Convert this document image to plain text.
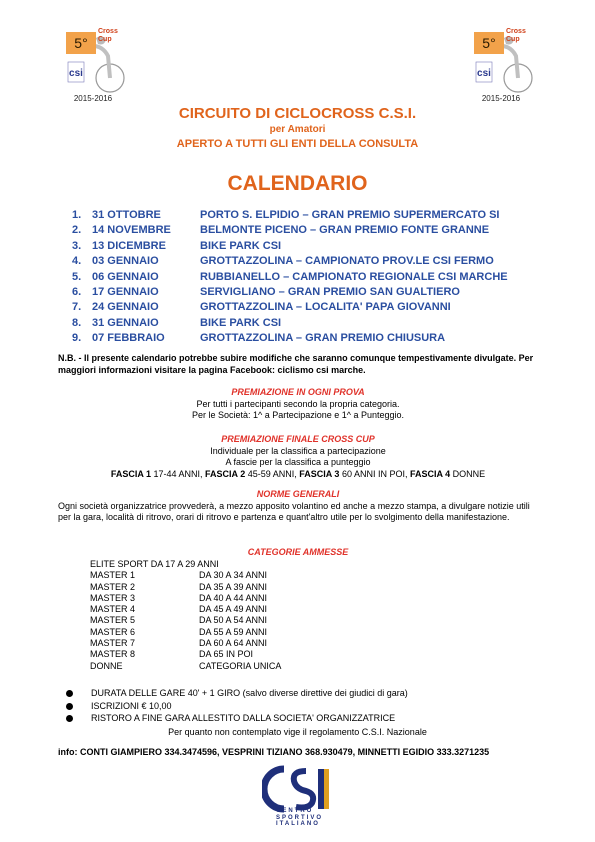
csi
5°
Cross
Cup
2015-2016
csi
5°
Cross
Cup
2015-2016
CIRCUITO DI CICLOCROSS C.S.I.
per Amatori
APERTO A TUTTI GLI ENTI DELLA CONSULTA
CALENDARIO
1. 31 OTTOBRE	PORTO S. ELPIDIO – GRAN PREMIO SUPERMERCATO SI
2. 14 NOVEMBRE	BELMONTE PICENO – GRAN PREMIO FONTE GRANNE
3. 13 DICEMBRE	BIKE PARK CSI
4. 03 GENNAIO	GROTTAZZOLINA – CAMPIONATO PROV.LE CSI FERMO
5. 06 GENNAIO	RUBBIANELLO – CAMPIONATO REGIONALE CSI MARCHE
6. 17 GENNAIO	SERVIGLIANO – GRAN PREMIO SAN GUALTIERO
7. 24 GENNAIO	GROTTAZZOLINA – LOCALITA' PAPA GIOVANNI
8. 31 GENNAIO	BIKE PARK CSI
9. 07 FEBBRAIO	GROTTAZZOLINA – GRAN PREMIO CHIUSURA
N.B. - Il presente calendario potrebbe subire modifiche che saranno comunque tempestivamente divulgate. Per maggiori informazioni visitare la pagina Facebook: ciclismo csi marche.
PREMIAZIONE IN OGNI PROVA
Per tutti i partecipanti secondo la propria categoria.
Per le Società: 1^ a Partecipazione e 1^ a Punteggio.
PREMIAZIONE FINALE CROSS CUP
Individuale per la classifica a partecipazione
A fascie per la classifica a punteggio
FASCIA 1 17-44 ANNI, FASCIA 2 45-59 ANNI, FASCIA 3 60 ANNI IN POI, FASCIA 4 DONNE
NORME GENERALI
Ogni società organizzatrice provvederà, a mezzo apposito volantino ed anche a mezzo stampa, a divulgare notizie utili per la gara, località di ritrovo, orari di ritrovo e partenza e quant'altro utile per lo svolgimento della manifestazione.
CATEGORIE AMMESSE
ELITE SPORT DA 17 A 29 ANNI
MASTER 1	DA 30 A 34 ANNI
MASTER 2	DA 35 A 39 ANNI
MASTER 3	DA 40 A 44 ANNI
MASTER 4	DA 45 A 49 ANNI
MASTER 5	DA 50 A 54 ANNI
MASTER 6	DA 55 A 59 ANNI
MASTER 7	DA 60 A 64 ANNI
MASTER 8	DA 65 IN POI
DONNE	CATEGORIA UNICA
DURATA DELLE GARE 40' + 1 GIRO (salvo diverse direttive dei giudici di gara)
ISCRIZIONI € 10,00
RISTORO A FINE GARA ALLESTITO DALLA SOCIETA' ORGANIZZATRICE
Per quanto non contemplato vige il regolamento C.S.I. Nazionale
info: CONTI GIAMPIERO 334.3474596, VESPRINI TIZIANO 368.930479, MINNETTI EGIDIO 333.3271235
CENTRO
SPORTIVO
ITALIANO
